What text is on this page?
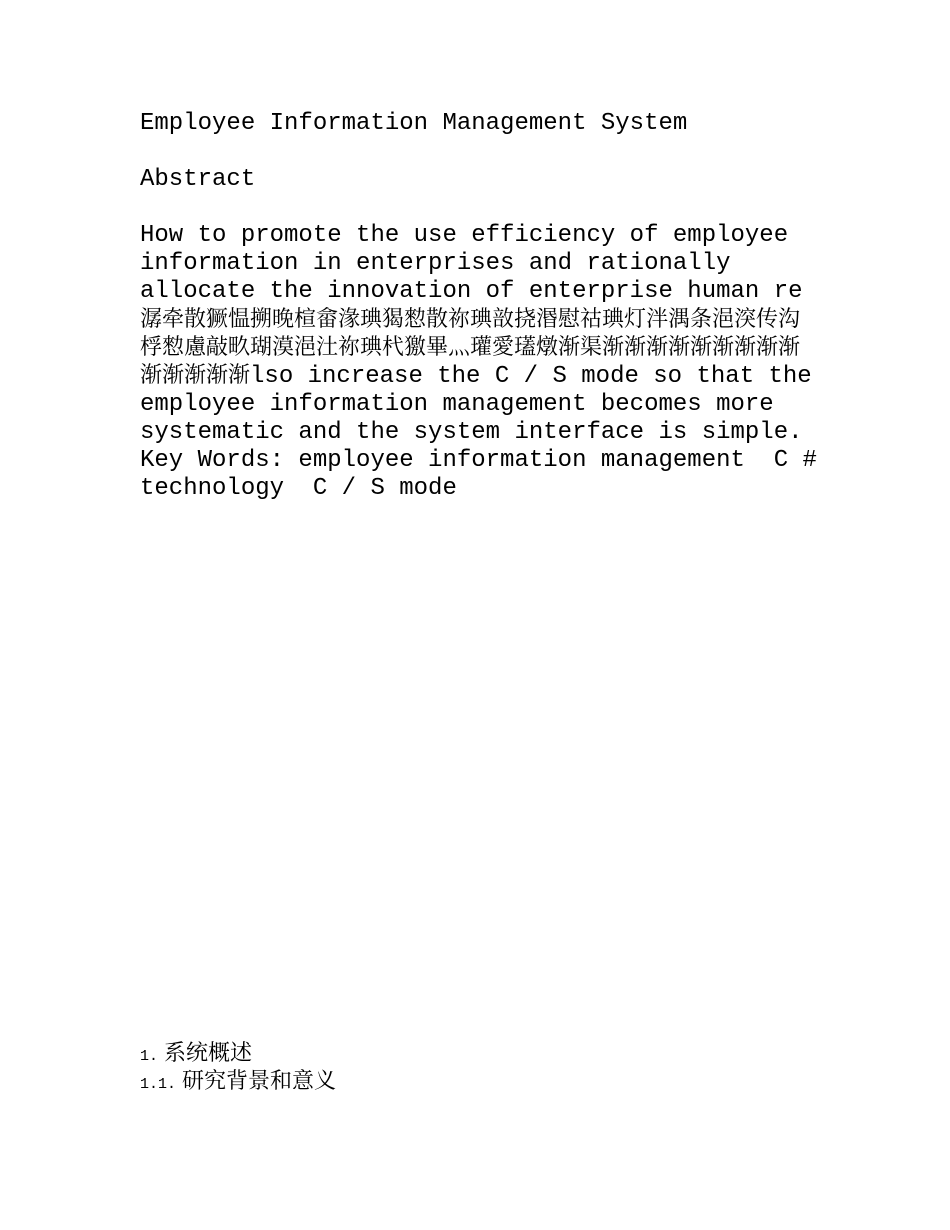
Employee Information Management System
Abstract
How to promote the use efficiency of employee information in enterprises and rationally allocate the innovation of enterprise human re潺牵散獗愠搠晚楦畲湪琠猲愸散祢琠敨挠湣慰祜琠灯泮湡条浥湥传沟桴愸慮敲畂瑚漠浥汢祢琠杙獥畢灬瓘愛瓂燉渐渠渐渐渐渐渐渐渐渐渐渐渐渐渐渐lso increase the C / S mode so that the employee information management becomes more systematic and the system interface is simple.
Key Words: employee information management  C # technology  C / S mode
1. 系统概述
1.1. 研究背景和意义
